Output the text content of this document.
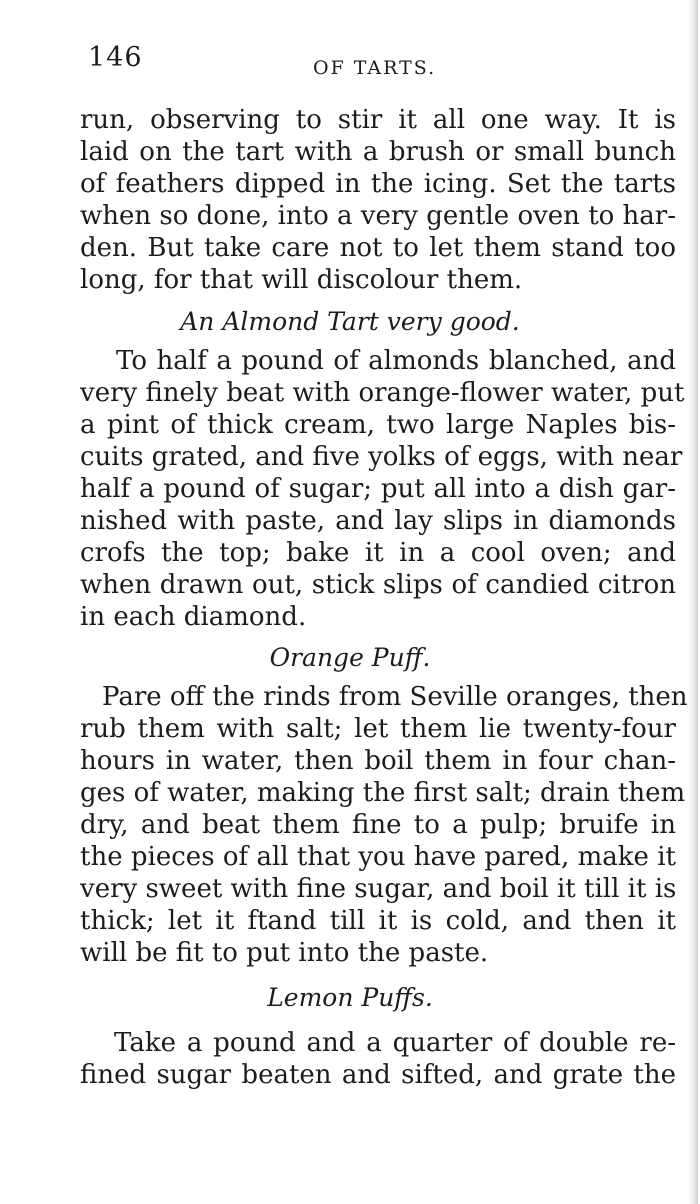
146	OF TARTS.

run, observing to stir it all one way. It is

laid on the tart with a brush or small bunch

of feathers dipped in the icing. Set the tarts

when so done, into a very gentle oven to har-

den. But take care not to let them stand too

long, for that will discolour them.

An Almond Tart very good.

To half a pound of almonds blanched, and

very finely beat with orange-flower water, put

a pint of thick cream, two large Naples bis-

cuits grated, and five yolks of eggs, with near

half a pound of sugar; put all into a dish gar-

nished with paste, and lay slips in diamonds

crofs the top; bake it in a cool oven; and

when drawn out, stick slips of candied citron

in each diamond.

Orange Puff.

Pare off the rinds from Seville oranges, then

rub them with salt; let them lie twenty-four

hours in water, then boil them in four chan-

ges of water, making the first salt; drain them

dry, and beat them fine to a pulp; bruife in

the pieces of all that you have pared, make it

very sweet with fine sugar, and boil it till it is

thick; let it ftand till it is cold, and then it

will be fit to put into the paste.

Lemon Puffs.

Take a pound and a quarter of double re-

fined sugar beaten and sifted, and grate the
